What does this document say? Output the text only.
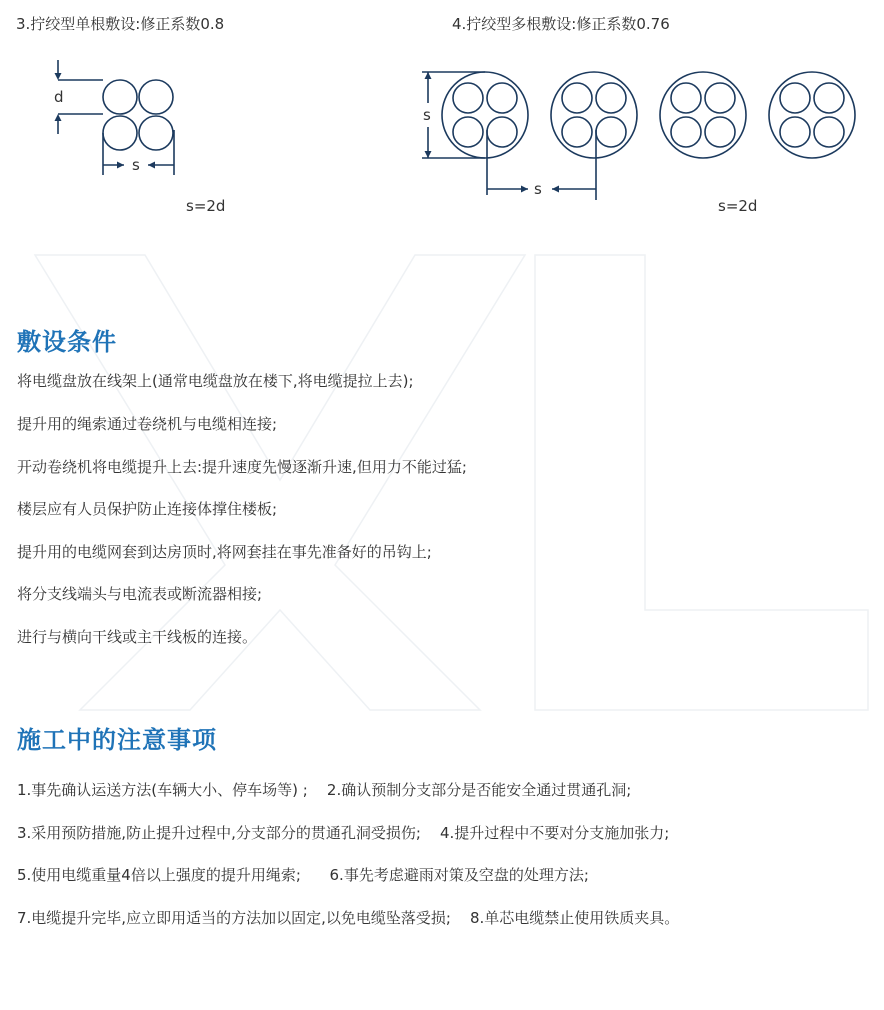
3.拧绞型单根敷设:修正系数0.8
d
s
s=2d
4.拧绞型多根敷设:修正系数0.76
s
s
s=2d
敷设条件
将电缆盘放在线架上(通常电缆盘放在楼下,将电缆提拉上去);
提升用的绳索通过卷绕机与电缆相连接;
开动卷绕机将电缆提升上去:提升速度先慢逐渐升速,但用力不能过猛;
楼层应有人员保护防止连接体撑住楼板;
提升用的电缆网套到达房顶时,将网套挂在事先准备好的吊钩上;
将分支线端头与电流表或断流器相接;
进行与横向干线或主干线板的连接。
施工中的注意事项
1.事先确认运送方法(车辆大小、停车场等) ;    2.确认预制分支部分是否能安全通过贯通孔洞;
3.采用预防措施,防止提升过程中,分支部分的贯通孔洞受损伤;    4.提升过程中不要对分支施加张力;
5.使用电缆重量4倍以上强度的提升用绳索;      6.事先考虑避雨对策及空盘的处理方法;
7.电缆提升完毕,应立即用适当的方法加以固定,以免电缆坠落受损;    8.单芯电缆禁止使用铁质夹具。
